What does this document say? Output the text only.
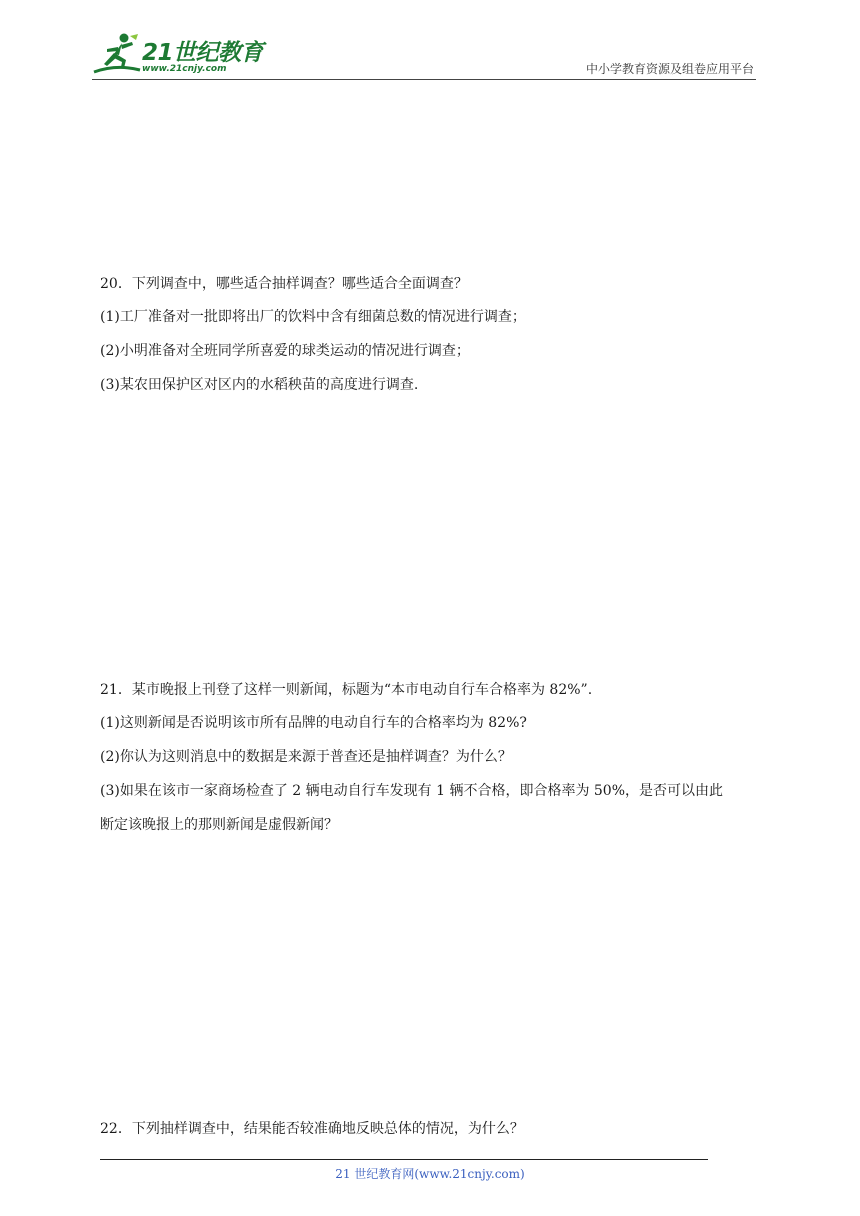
21世纪教育
www.21cnjy.com	中小学教育资源及组卷应用平台
20．下列调查中，哪些适合抽样调查？哪些适合全面调查？
(1)工厂准备对一批即将出厂的饮料中含有细菌总数的情况进行调查；
(2)小明准备对全班同学所喜爱的球类运动的情况进行调查；
(3)某农田保护区对区内的水稻秧苗的高度进行调查.
21．某市晚报上刊登了这样一则新闻，标题为“本市电动自行车合格率为 82%”.
(1)这则新闻是否说明该市所有品牌的电动自行车的合格率均为 82%?
(2)你认为这则消息中的数据是来源于普查还是抽样调查？为什么？
(3)如果在该市一家商场检查了 2 辆电动自行车发现有 1 辆不合格，即合格率为 50%，是否可以由此
断定该晚报上的那则新闻是虚假新闻？
22．下列抽样调查中，结果能否较准确地反映总体的情况，为什么？
21 世纪教育网(www.21cnjy.com)
